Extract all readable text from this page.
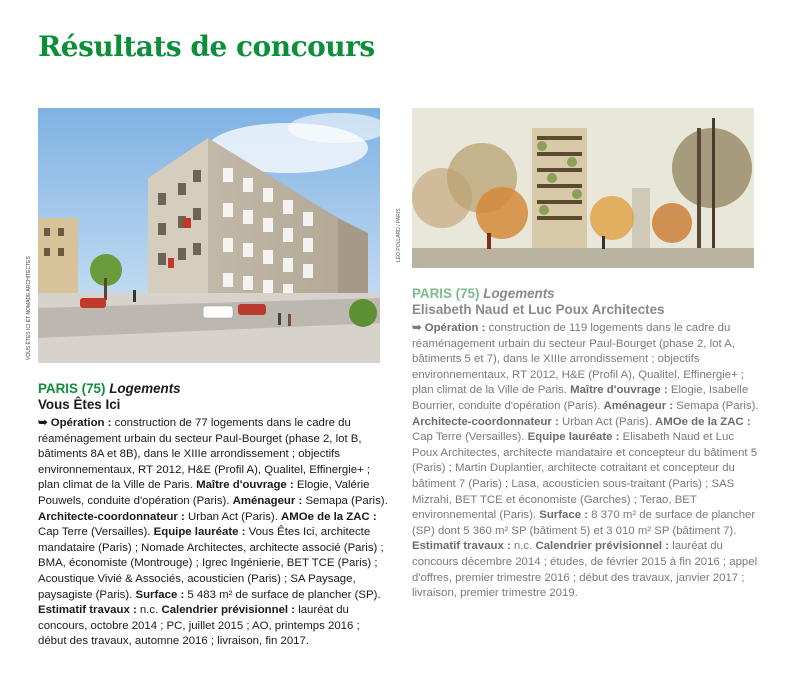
Résultats de concours
VOUS ÊTES ICI ET NOMADE ARCHITECTES
LÉO POLLARD / PARIS
PARIS (75) Logements
Vous Êtes Ici

➥ Opération : construction de 77 logements dans le cadre du réaménagement urbain du secteur Paul-Bourget (phase 2, lot B, bâtiments 8A et 8B), dans le XIIIe arrondissement ; objectifs environnementaux, RT 2012, H&E (Profil A), Qualitel, Effinergie+ ; plan climat de la Ville de Paris. Maître d'ouvrage : Elogie, Valérie Pouwels, conduite d'opération (Paris). Aménageur : Semapa (Paris). Architecte-coordonnateur : Urban Act (Paris). AMOe de la ZAC : Cap Terre (Versailles). Equipe lauréate : Vous Êtes Ici, architecte mandataire (Paris) ; Nomade Architectes, architecte associé (Paris) ; BMA, économiste (Montrouge) ; Igrec Ingénierie, BET TCE (Paris) ; Acoustique Vivié & Associés, acousticien (Paris) ; SA Paysage, paysagiste (Paris). Surface : 5 483 m² de surface de plancher (SP). Estimatif travaux : n.c. Calendrier prévisionnel : lauréat du concours, octobre 2014 ; PC, juillet 2015 ; AO, printemps 2016 ; début des travaux, automne 2016 ; livraison, fin 2017.

PARIS (75) Logements
Elisabeth Naud et Luc Poux Architectes

➥ Opération : construction de 119 logements dans le cadre du réaménagement urbain du secteur Paul-Bourget (phase 2, lot A, bâtiments 5 et 7), dans le XIIIe arrondissement ; objectifs environnementaux, RT 2012, H&E (Profil A), Qualitel, Effinergie+ ; plan climat de la Ville de Paris. Maître d'ouvrage : Elogie, Isabelle Bourrier, conduite d'opération (Paris). Aménageur : Semapa (Paris). Architecte-coordonnateur : Urban Act (Paris). AMOe de la ZAC : Cap Terre (Versailles). Equipe lauréate : Elisabeth Naud et Luc Poux Architectes, architecte mandataire et concepteur du bâtiment 5 (Paris) ; Martin Duplantier, architecte cotraitant et concepteur du bâtiment 7 (Paris) ; Lasa, acousticien sous-traitant (Paris) ; SAS Mizrahi, BET TCE et économiste (Garches) ; Terao, BET environnemental (Paris). Surface : 8 370 m² de surface de plancher (SP) dont 5 360 m² SP (bâtiment 5) et 3 010 m² SP (bâtiment 7). Estimatif travaux : n.c. Calendrier prévisionnel : lauréat du concours décembre 2014 ; études, de février 2015 à fin 2016 ; appel d'offres, premier trimestre 2016 ; début des travaux, janvier 2017 ; livraison, premier trimestre 2019.
